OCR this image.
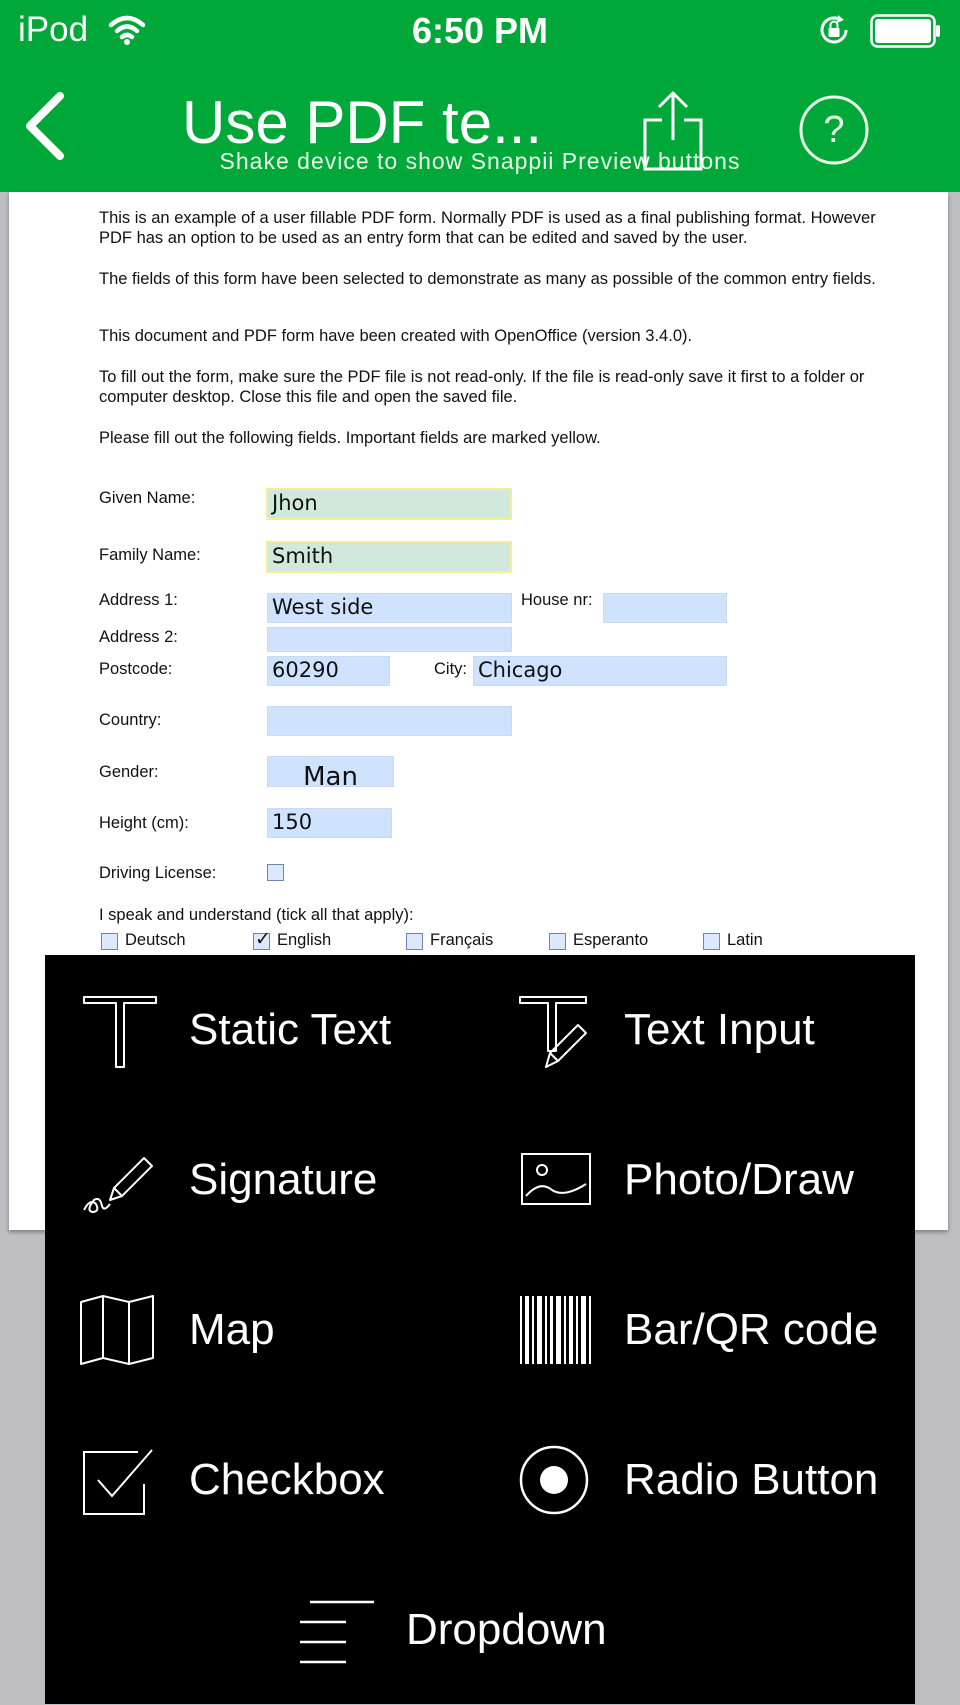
iPod	6:50 PM
Use PDF te...	?
Shake device to show Snappii Preview buttons
This is an example of a user fillable PDF form. Normally PDF is used as a final publishing format. However PDF has an option to be used as an entry form that can be edited and saved by the user.
The fields of this form have been selected to demonstrate as many as possible of the common entry fields.
This document and PDF form have been created with OpenOffice (version 3.4.0).
To fill out the form, make sure the PDF file is not read-only. If the file is read-only save it first to a folder or computer desktop. Close this file and open the saved file.
Please fill out the following fields. Important fields are marked yellow.
Given Name:	Jhon
Family Name:	Smith
Address 1:	West side	House nr:
Address 2:
Postcode:	60290	City: Chicago
Country:
Gender:	Man
Height (cm):	150
Driving License:
I speak and understand (tick all that apply):
Deutsch	✓ English	Français	Esperanto	Latin
Static Text	Text Input
Signature	Photo/Draw
Map	Bar/QR code
Checkbox	Radio Button
Dropdown
